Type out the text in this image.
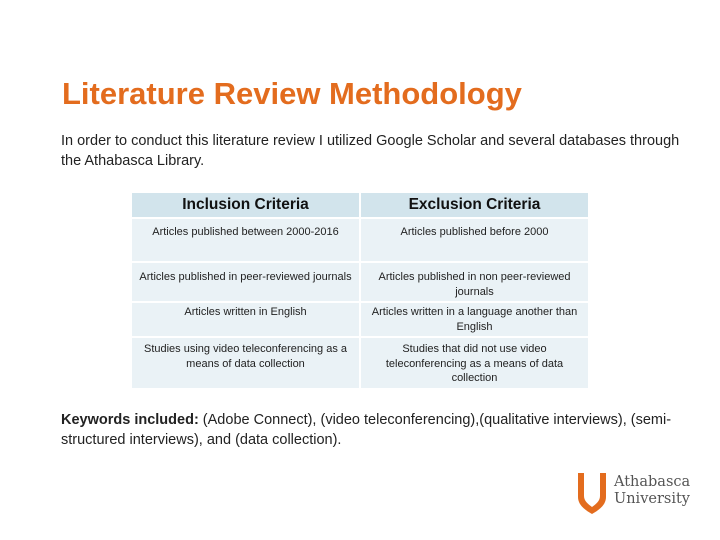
Literature Review Methodology

In order to conduct this literature review I utilized Google Scholar and several databases through the Athabasca Library.

Inclusion Criteria	Exclusion Criteria
Articles published between 2000-2016	Articles published before 2000
Articles published in peer-reviewed journals	Articles published in non peer-reviewed journals
Articles written in English	Articles written in a language another than English
Studies using video teleconferencing as a means of data collection	Studies that did not use video teleconferencing as a means of data collection

Keywords included: (Adobe Connect), (video teleconferencing),(qualitative interviews), (semi-structured interviews), and (data collection).

Athabasca
University
